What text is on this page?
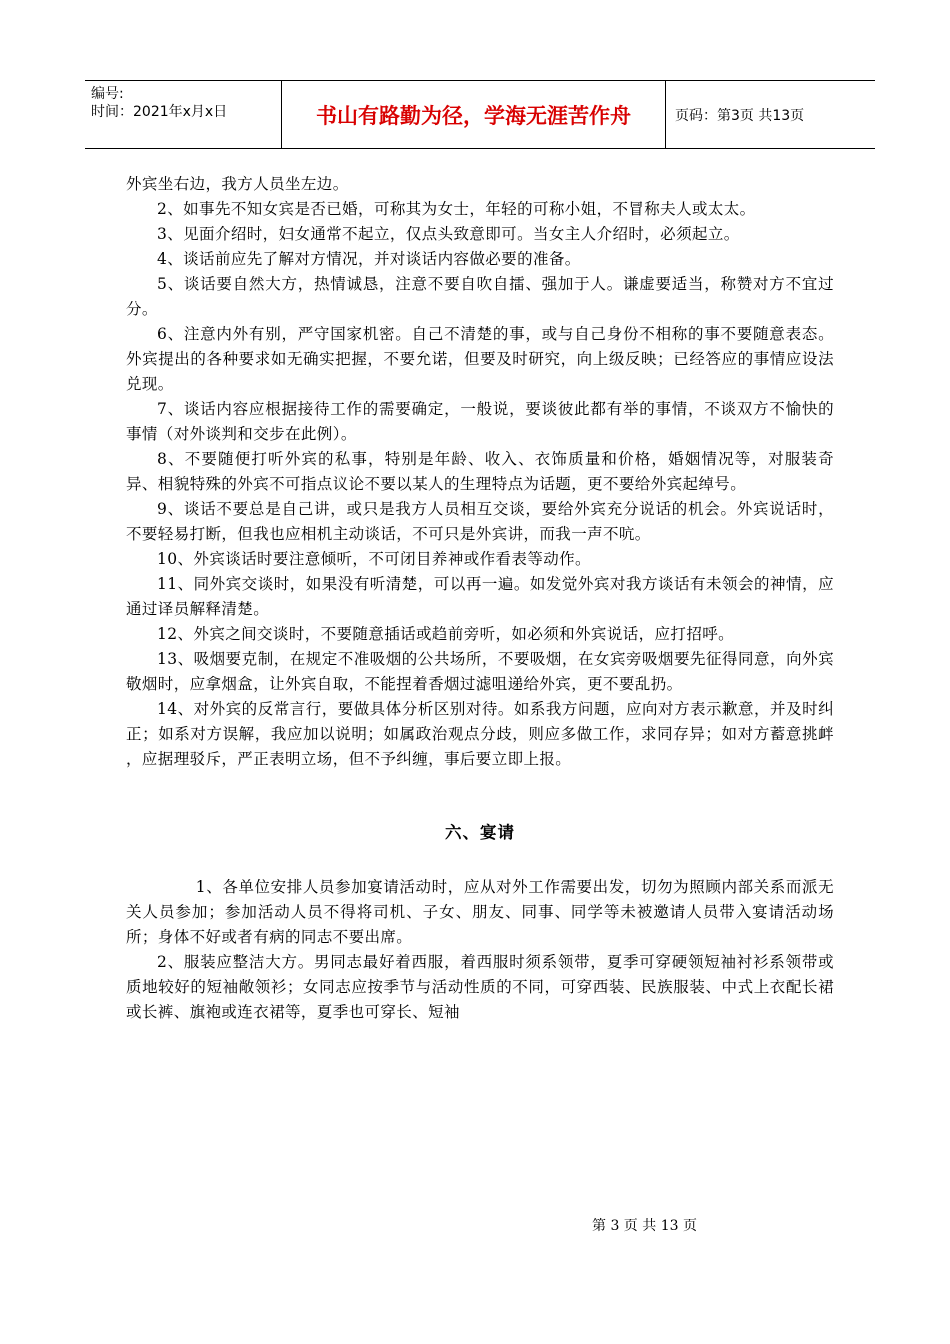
编号:
时间：2021年x月x日	书山有路勤为径，学海无涯苦作舟	页码：第3页 共13页

外宾坐右边，我方人员坐左边。

2、如事先不知女宾是否已婚，可称其为女士，年轻的可称小姐，不冒称夫人或太太。

3、见面介绍时，妇女通常不起立，仅点头致意即可。当女主人介绍时，必须起立。

4、谈话前应先了解对方情况，并对谈话内容做必要的准备。

5、谈话要自然大方，热情诚恳，注意不要自吹自擂、强加于人。谦虚要适当，称赞对方不宜过分。

6、注意内外有别，严守国家机密。自己不清楚的事，或与自己身份不相称的事不要随意表态。外宾提出的各种要求如无确实把握，不要允诺，但要及时研究，向上级反映；已经答应的事情应设法兑现。

7、谈话内容应根据接待工作的需要确定，一般说，要谈彼此都有举的事情，不谈双方不愉快的事情（对外谈判和交步在此例）。

8、不要随便打听外宾的私事，特别是年龄、收入、衣饰质量和价格，婚姻情况等，对服装奇异、相貌特殊的外宾不可指点议论不要以某人的生理特点为话题，更不要给外宾起绰号。

9、谈话不要总是自己讲，或只是我方人员相互交谈，要给外宾充分说话的机会。外宾说话时，不要轻易打断，但我也应相机主动谈话，不可只是外宾讲，而我一声不吭。

10、外宾谈话时要注意倾听，不可闭目养神或作看表等动作。

11、同外宾交谈时，如果没有听清楚，可以再一遍。如发觉外宾对我方谈话有未领会的神情，应通过译员解释清楚。

12、外宾之间交谈时，不要随意插话或趋前旁听，如必须和外宾说话，应打招呼。

13、吸烟要克制，在规定不准吸烟的公共场所，不要吸烟，在女宾旁吸烟要先征得同意，向外宾敬烟时，应拿烟盒，让外宾自取，不能捏着香烟过滤咀递给外宾，更不要乱扔。

14、对外宾的反常言行，要做具体分析区别对待。如系我方问题，应向对方表示歉意，并及时纠正；如系对方误解，我应加以说明；如属政治观点分歧，则应多做工作，求同存异；如对方蓄意挑衅 ，应据理驳斥，严正表明立场，但不予纠缠，事后要立即上报。

六、宴请

1、各单位安排人员参加宴请活动时，应从对外工作需要出发，切勿为照顾内部关系而派无关人员参加；参加活动人员不得将司机、子女、朋友、同事、同学等未被邀请人员带入宴请活动场所；身体不好或者有病的同志不要出席。

2、服装应整洁大方。男同志最好着西服，着西服时须系领带，夏季可穿硬领短袖衬衫系领带或质地较好的短袖敞领衫；女同志应按季节与活动性质的不同，可穿西装、民族服装、中式上衣配长裙或长裤、旗袍或连衣裙等，夏季也可穿长、短袖

第 3 页 共 13 页
